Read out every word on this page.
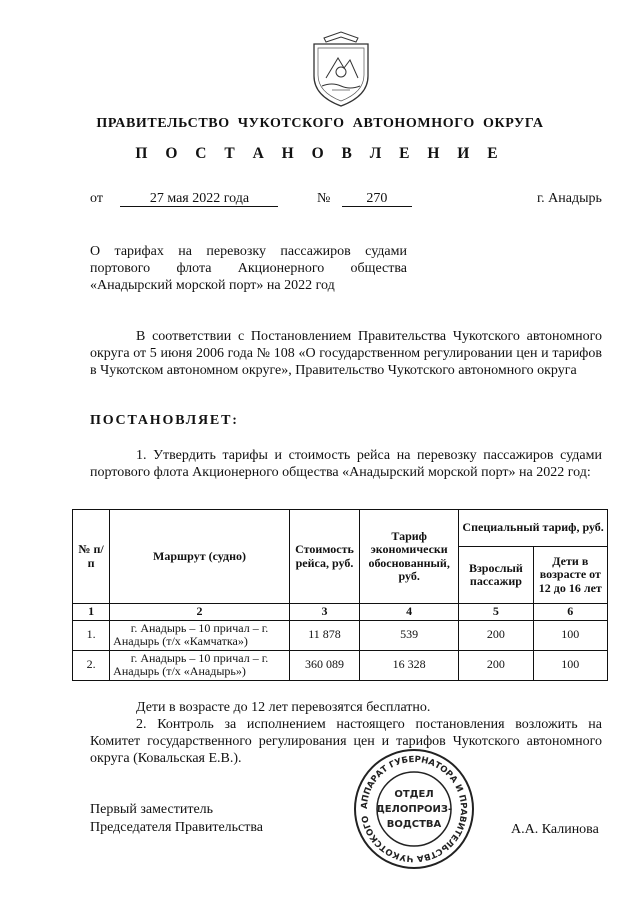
ПРАВИТЕЛЬСТВО ЧУКОТСКОГО АВТОНОМНОГО ОКРУГА
П О С Т А Н О В Л Е Н И Е
от	27 мая 2022 года	№	270	г. Анадырь
О тарифах на перевозку пассажиров судами портового флота Акционерного общества «Анадырский морской порт» на 2022 год
В соответствии с Постановлением Правительства Чукотского автономного округа от 5 июня 2006 года № 108 «О государственном регулировании цен и тарифов в Чукотском автономном округе», Правительство Чукотского автономного округа
ПОСТАНОВЛЯЕТ:
1. Утвердить тарифы и стоимость рейса на перевозку пассажиров судами портового флота Акционерного общества «Анадырский морской порт» на 2022 год:
№ п/п	Маршрут (судно)	Стоимость рейса, руб.	Тариф экономически обоснованный, руб.	Специальный тариф, руб.	
				Взрослый пассажир	Дети в возрасте от 12 до 16 лет
1	2	3	4	5	6
1.	г. Анадырь – 10 причал – г. Анадырь (т/х «Камчатка»)	11 878	539	200	100
2.	г. Анадырь – 10 причал – г. Анадырь (т/х «Анадырь»)	360 089	16 328	200	100
Дети в возрасте до 12 лет перевозятся бесплатно.
2. Контроль за исполнением настоящего постановления возложить на Комитет государственного регулирования цен и тарифов Чукотского автономного округа (Ковальская Е.В.).
Первый заместитель
Председателя Правительства	А.А. Калинова
АППАРАТ ГУБЕРНАТОРА И ПРАВИТЕЛЬСТВА ЧУКОТСКОГО
ОТДЕЛ
ДЕЛОПРОИЗ-
ВОДСТВА
